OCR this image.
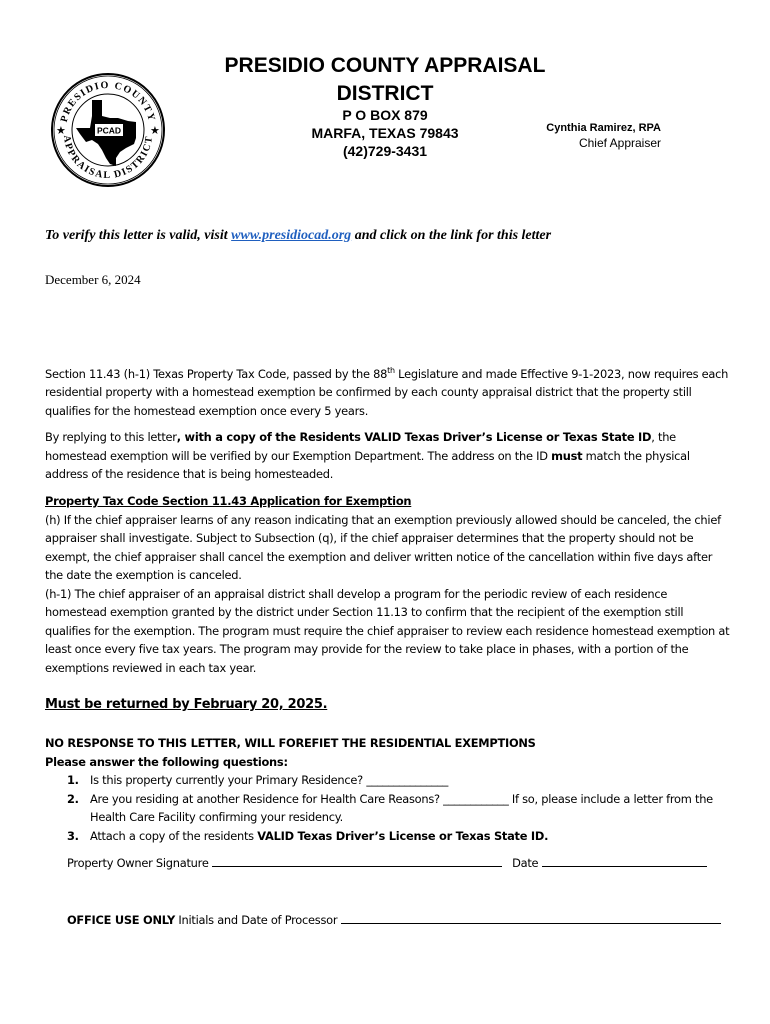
PRESIDIO COUNTY
APPRAISAL DISTRICT
★	★
PCAD
PRESIDIO COUNTY APPRAISAL
DISTRICT
P O BOX 879
MARFA, TEXAS 79843
(42)729-3431
Cynthia Ramirez, RPA
Chief Appraiser
To verify this letter is valid, visit www.presidiocad.org and click on the link for this letter
December 6, 2024

Section 11.43 (h-1) Texas Property Tax Code, passed by the 88th Legislature and made Effective 9-1-2023, now requires each residential property with a homestead exemption be confirmed by each county appraisal district that the property still qualifies for the homestead exemption once every 5 years.

By replying to this letter, with a copy of the Residents VALID Texas Driver’s License or Texas State ID, the homestead exemption will be verified by our Exemption Department. The address on the ID must match the physical address of the residence that is being homesteaded.

Property Tax Code Section 11.43 Application for Exemption

(h) If the chief appraiser learns of any reason indicating that an exemption previously allowed should be canceled, the chief appraiser shall investigate. Subject to Subsection (q), if the chief appraiser determines that the property should not be exempt, the chief appraiser shall cancel the exemption and deliver written notice of the cancellation within five days after the date the exemption is canceled.

(h-1) The chief appraiser of an appraisal district shall develop a program for the periodic review of each residence homestead exemption granted by the district under Section 11.13 to confirm that the recipient of the exemption still qualifies for the exemption. The program must require the chief appraiser to review each residence homestead exemption at least once every five tax years. The program may provide for the review to take place in phases, with a portion of the exemptions reviewed in each tax year.

Must be returned by February 20, 2025.
NO RESPONSE TO THIS LETTER, WILL FOREFIET THE RESIDENTIAL EXEMPTIONS
Please answer the following questions:
1. Is this property currently your Primary Residence? _______________
2. Are you residing at another Residence for Health Care Reasons? ____________ If so, please include a letter from the Health Care Facility confirming your residency.
3. Attach a copy of the residents VALID Texas Driver’s License or Texas State ID.
Property Owner Signature	Date
OFFICE USE ONLY Initials and Date of Processor
